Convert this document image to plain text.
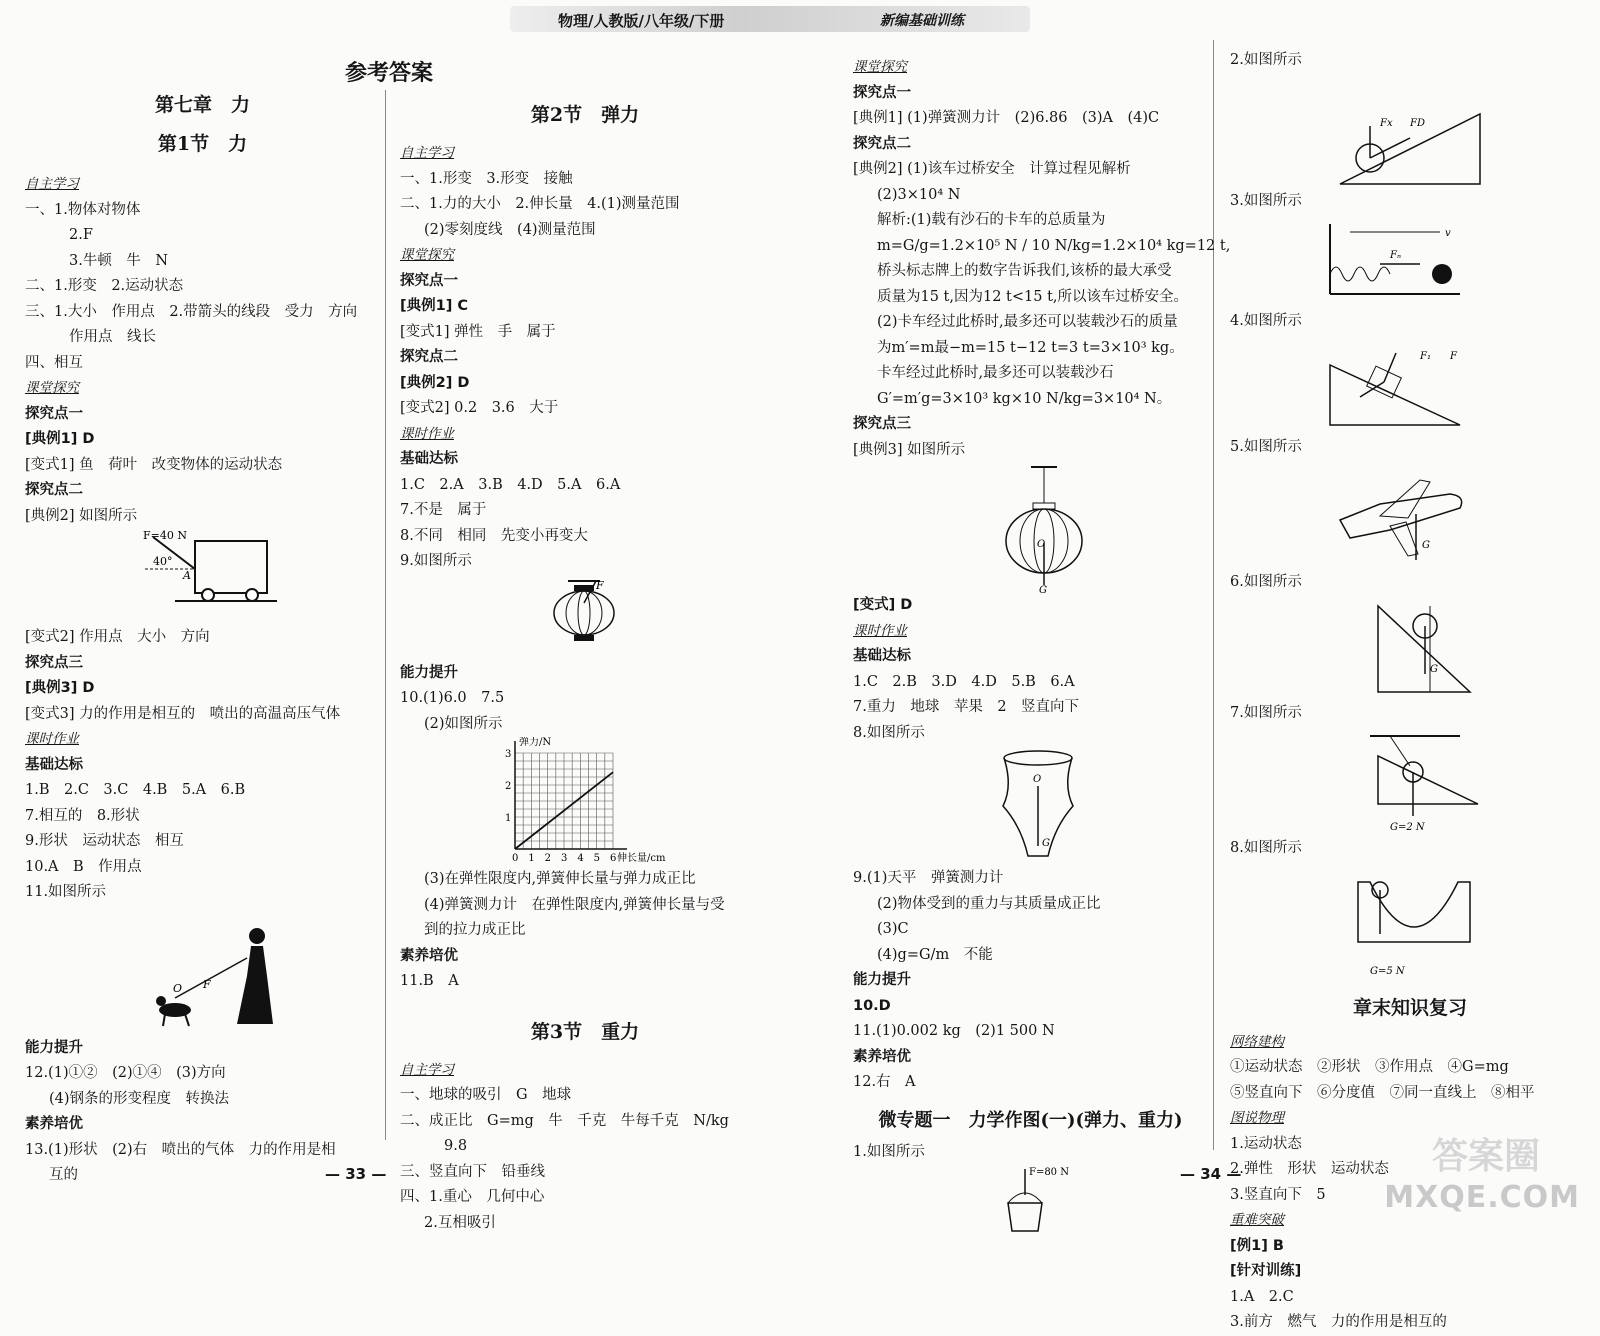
物理/人教版/八年级/下册	新编基础训练
参考答案
第七章　力
第1节　力
自主学习
一、1.物体对物体
2.F
3.牛顿　牛　N
二、1.形变　2.运动状态
三、1.大小　作用点　2.带箭头的线段　受力　方向
作用点　线长
四、相互
课堂探究
探究点一
[典例1] D
[变式1] 鱼　荷叶　改变物体的运动状态
探究点二
[典例2] 如图所示
F=40 N
40°
A
[变式2] 作用点　大小　方向
探究点三
[典例3] D
[变式3] 力的作用是相互的　喷出的高温高压气体
课时作业
基础达标
1.B　2.C　3.C　4.B　5.A　6.B
7.相互的　8.形状
9.形状　运动状态　相互
10.A　B　作用点
11.如图所示
O F
能力提升
12.(1)①②　(2)①④　(3)方向
(4)钢条的形变程度　转换法
素养培优
13.(1)形状　(2)右　喷出的气体　力的作用是相
互的
第2节　弹力
自主学习
一、1.形变　3.形变　接触
二、1.力的大小　2.伸长量　4.(1)测量范围
(2)零刻度线　(4)测量范围
课堂探究
探究点一
[典例1] C
[变式1] 弹性　手　属于
探究点二
[典例2] D
[变式2] 0.2　3.6　大于
课时作业
基础达标
1.C　2.A　3.B　4.D　5.A　6.A
7.不是　属于
8.不同　相同　先变小再变大
9.如图所示
F
能力提升
10.(1)6.0　7.5
(2)如图所示
0 1 2 3 4 5 6
1
2
3
弹力/N
伸长量/cm
(3)在弹性限度内,弹簧伸长量与弹力成正比
(4)弹簧测力计　在弹性限度内,弹簧伸长量与受
到的拉力成正比
素养培优
11.B　A
第3节　重力
自主学习
一、地球的吸引　G　地球
二、成正比　G=mg　牛　千克　牛每千克　N/kg
9.8
三、竖直向下　铅垂线
四、1.重心　几何中心
2.互相吸引
课堂探究
探究点一
[典例1] (1)弹簧测力计　(2)6.86　(3)A　(4)C
探究点二
[典例2] (1)该车过桥安全　计算过程见解析
(2)3×10⁴ N
解析:(1)载有沙石的卡车的总质量为
m=G/g=1.2×10⁵ N / 10 N/kg=1.2×10⁴ kg=12 t,
桥头标志牌上的数字告诉我们,该桥的最大承受
质量为15 t,因为12 t<15 t,所以该车过桥安全。
(2)卡车经过此桥时,最多还可以装载沙石的质量
为m′=m最−m=15 t−12 t=3 t=3×10³ kg。
卡车经过此桥时,最多还可以装载沙石
G′=m′g=3×10³ kg×10 N/kg=3×10⁴ N。
探究点三
[典例3] 如图所示
O
G
[变式] D
课时作业
基础达标
1.C　2.B　3.D　4.D　5.B　6.A
7.重力　地球　苹果　2　竖直向下
8.如图所示
O
G
9.(1)天平　弹簧测力计
(2)物体受到的重力与其质量成正比
(3)C
(4)g=G/m　不能
能力提升
10.D
11.(1)0.002 kg　(2)1 500 N
素养培优
12.右　A
微专题一　力学作图(一)(弹力、重力)
1.如图所示
F=80 N
2.如图所示
Fx FD
3.如图所示
Fₙ
v
4.如图所示
F₁ F
5.如图所示
G
6.如图所示
G
7.如图所示
G=2 N
8.如图所示
G=5 N
章末知识复习
网络建构
①运动状态　②形状　③作用点　④G=mg
⑤竖直向下　⑥分度值　⑦同一直线上　⑧相平
图说物理
1.运动状态
2.弹性　形状　运动状态
3.竖直向下　5
重难突破
[例1] B
[针对训练]
1.A　2.C
3.前方　燃气　力的作用是相互的
— 33 —	— 34 —	答案圈
MXQE.COM
